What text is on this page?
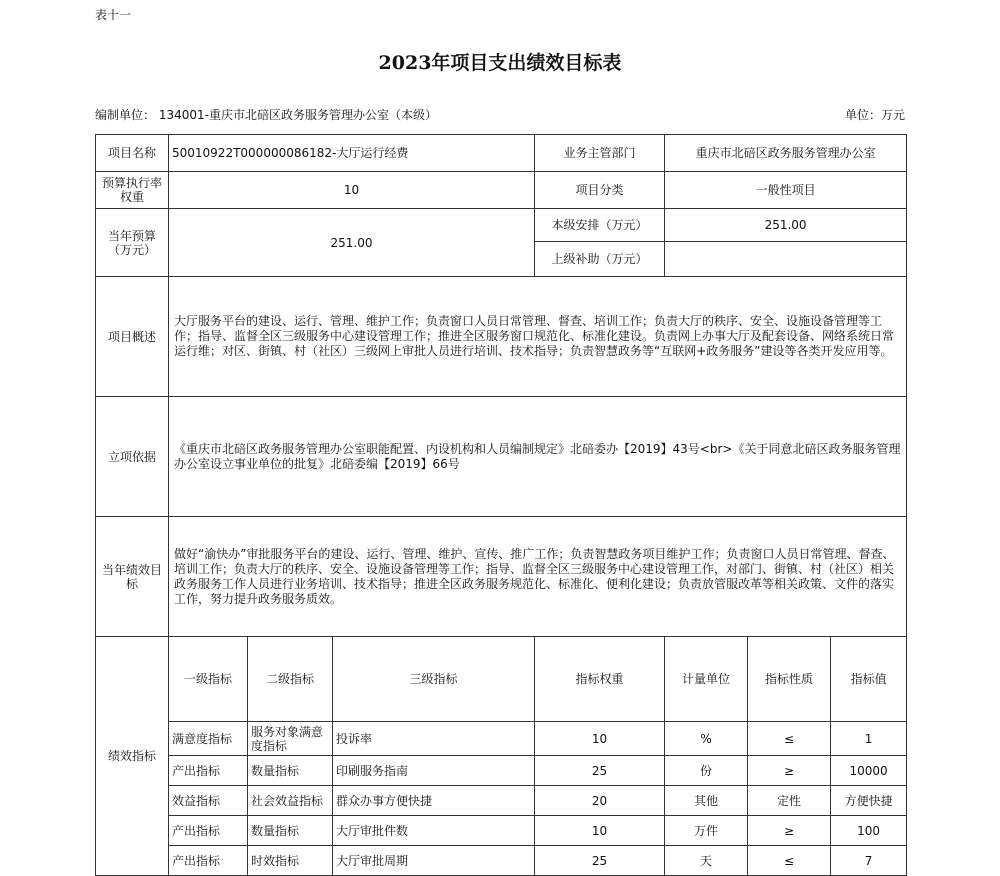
表十一
2023年项目支出绩效目标表
编制单位： 134001-重庆市北碚区政务服务管理办公室（本级）	单位：万元
项目名称	50010922T000000086182-大厅运行经费			业务主管部门	重庆市北碚区政务服务管理办公室			
预算执行率权重	10			项目分类	一般性项目			
当年预算（万元）	251.00			本级安排（万元）	251.00			
				上级补助（万元）				
项目概述	大厅服务平台的建设、运行、管理、维护工作；负责窗口人员日常管理、督查、培训工作；负责大厅的秩序、安全、设施设备管理等工作；指导、监督全区三级服务中心建设管理工作；推进全区服务窗口规范化、标准化建设。负责网上办事大厅及配套设备、网络系统日常运行维；对区、街镇、村（社区）三级网上审批人员进行培训、技术指导；负责智慧政务等“互联网+政务服务”建设等各类开发应用等。							
立项依据	《重庆市北碚区政务服务管理办公室职能配置、内设机构和人员编制规定》北碚委办【2019】43号<br>《关于同意北碚区政务服务管理办公室设立事业单位的批复》北碚委编【2019】66号							
当年绩效目标	做好“渝快办”审批服务平台的建设、运行、管理、维护、宣传、推广工作；负责智慧政务项目维护工作；负责窗口人员日常管理、督查、培训工作；负责大厅的秩序、安全、设施设备管理等工作；指导、监督全区三级服务中心建设管理工作，对部门、街镇、村（社区）相关政务服务工作人员进行业务培训、技术指导；推进全区政务服务规范化、标准化、便利化建设；负责放管服改革等相关政策、文件的落实工作，努力提升政务服务质效。							
绩效指标	一级指标	二级指标	三级指标	指标权重	计量单位	指标性质	指标值	
	满意度指标	服务对象满意度指标	投诉率	10	%	≤	1	
	产出指标	数量指标	印刷服务指南	25	份	≥	10000	
	效益指标	社会效益指标	群众办事方便快捷	20	其他	定性	方便快捷	
	产出指标	数量指标	大厅审批件数	10	万件	≥	100	
	产出指标	时效指标	大厅审批周期	25	天	≤	7	
